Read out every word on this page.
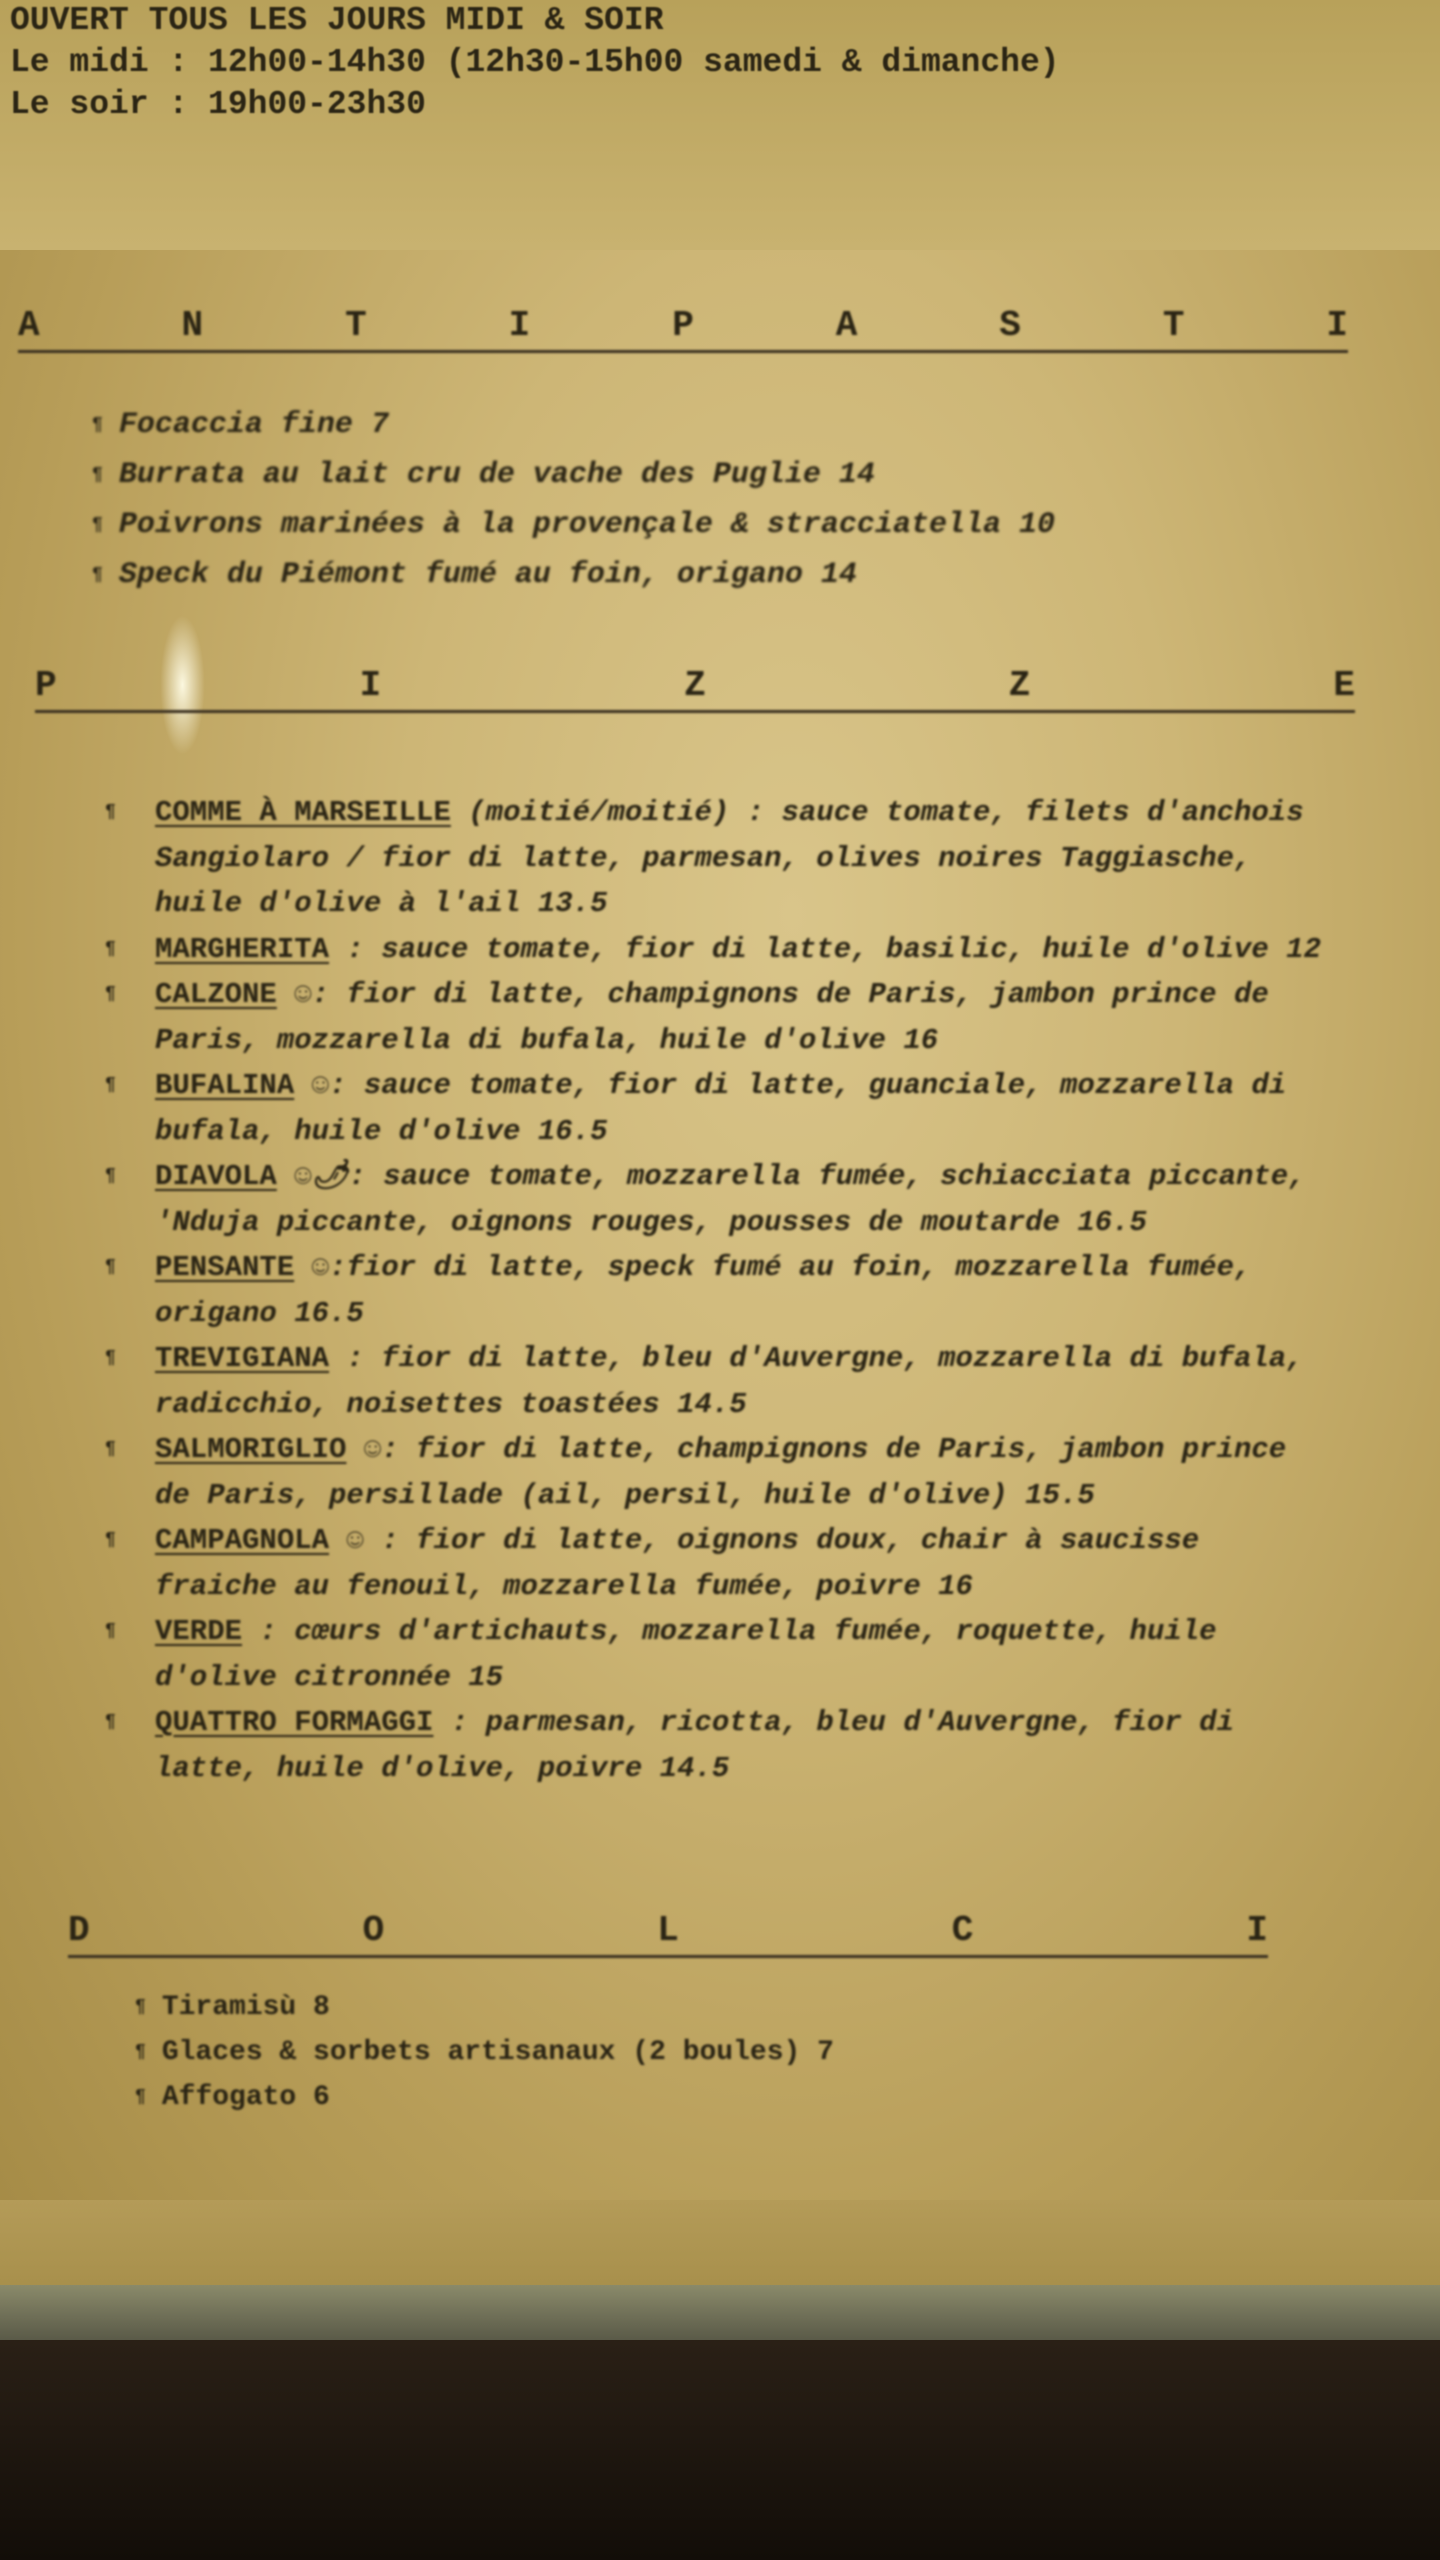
OUVERT TOUS LES JOURS MIDI & SOIR
Le midi : 12h00-14h30 (12h30-15h00 samedi & dimanche)
Le soir : 19h00-23h30
A	N	T	I	P	A	S	T	I
¶ Focaccia fine 7
¶ Burrata au lait cru de vache des Puglie 14
¶ Poivrons marinées à la provençale & stracciatella 10
¶ Speck du Piémont fumé au foin, origano 14
P	I	Z	Z	E
¶ COMME À MARSEILLE (moitié/moitié) : sauce tomate, filets d'anchois Sangiolaro / fior di latte, parmesan, olives noires Taggiasche, huile d'olive à l'ail 13.5
¶ MARGHERITA : sauce tomate, fior di latte, basilic, huile d'olive 12
¶ CALZONE ☺: fior di latte, champignons de Paris, jambon prince de Paris, mozzarella di bufala, huile d'olive 16
¶ BUFALINA ☺: sauce tomate, fior di latte, guanciale, mozzarella di bufala, huile d'olive 16.5
¶ DIAVOLA ☺🌶: sauce tomate, mozzarella fumée, schiacciata piccante, 'Nduja piccante, oignons rouges, pousses de moutarde 16.5
¶ PENSANTE ☺:fior di latte, speck fumé au foin, mozzarella fumée, origano 16.5
¶ TREVIGIANA : fior di latte, bleu d'Auvergne, mozzarella di bufala, radicchio, noisettes toastées 14.5
¶ SALMORIGLIO ☺: fior di latte, champignons de Paris, jambon prince de Paris, persillade (ail, persil, huile d'olive) 15.5
¶ CAMPAGNOLA ☺ : fior di latte, oignons doux, chair à saucisse fraiche au fenouil, mozzarella fumée, poivre 16
¶ VERDE : cœurs d'artichauts, mozzarella fumée, roquette, huile d'olive citronnée 15
¶ QUATTRO FORMAGGI : parmesan, ricotta, bleu d'Auvergne, fior di latte, huile d'olive, poivre 14.5
D	O	L	C	I
¶ Tiramisù 8
¶ Glaces & sorbets artisanaux (2 boules) 7
¶ Affogato 6
